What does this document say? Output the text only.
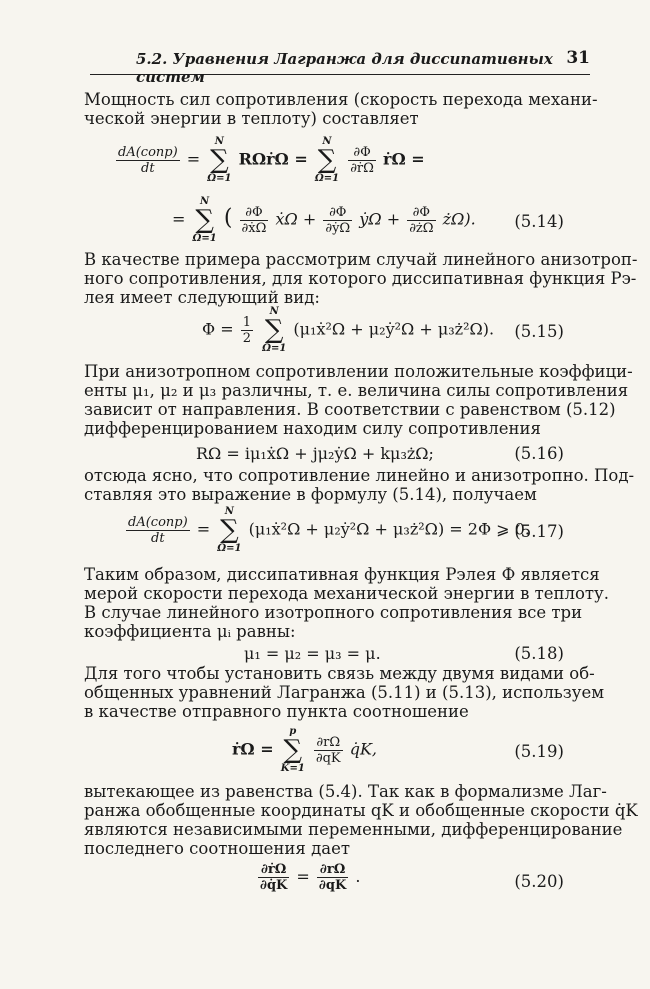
5.2. Уравнения Лагранжа для диссипативных систем
31
Мощность сил сопротивления (скорость перехода механи-
ческой энергии в теплоту) составляет
$\frac{\text{dA(сопр)}}{dt}$ =
N
∑
Ω=1
RΩṙΩ =
N
∑
Ω=1

$\frac{\partial\Phi}{\text{∂ṙΩ}}$ ṙΩ =
=
N
∑
Ω=1
( $\frac{\partial\Phi}{\text{∂ẋΩ}}$ ẋΩ + $\frac{\partial\Phi}{\text{∂ẏΩ}}$ ẏΩ + $\frac{\partial\Phi}{\partial ż\Omega}$ żΩ). (5.14)
В качестве примера рассмотрим случай линейного анизотроп-
ного сопротивления, для которого диссипативная функция Рэ-
лея имеет следующий вид:
$\Phi = \frac{1}{2}$

N
∑
Ω=1
(μ₁ẋ²Ω + μ₂ẏ²Ω + μ₃ż²Ω). (5.15)
При анизотропном сопротивлении положительные коэффици-
енты μ₁, μ₂ и μ₃ различны, т. е. величина силы сопротивления
зависит от направления. В соответствии с равенством (5.12)
дифференцированием находим силу сопротивления
RΩ = iμ₁ẋΩ + jμ₂ẏΩ + kμ₃żΩ;	(5.16)
отсюда ясно, что сопротивление линейно и анизотропно. Под-
ставляя это выражение в формулу (5.14), получаем
$\frac{\text{dA(сопр)}}{dt}$ =
N
∑
Ω=1
(μ₁ẋ²Ω + μ₂ẏ²Ω + μ₃ż²Ω) = 2Φ ⩾ 0.
(5.17)
Таким образом, диссипативная функция Рэлея Ф является
мерой скорости перехода механической энергии в теплоту.
В случае линейного изотропного сопротивления все три
коэффициента μᵢ равны:
μ₁ = μ₂ = μ₃ = μ.	(5.18)
Для того чтобы установить связь между двумя видами об-
общенных уравнений Лагранжа (5.11) и (5.13), используем
в качестве отправного пункта соотношение
ṙΩ =
p
∑
K=1

$\frac{\partial r\Omega}{\partial qK}$ q̇K,	(5.19)
вытекающее из равенства (5.4). Так как в формализме Лаг-
ранжа обобщенные координаты qK и обобщенные скорости q̇K
являются независимыми переменными, дифференцирование
последнего соотношения дает
$\frac{\text{∂ṙΩ}}{\partial q̇K} = \frac{\partial r\Omega}{\partial qK}$ .	(5.20)
